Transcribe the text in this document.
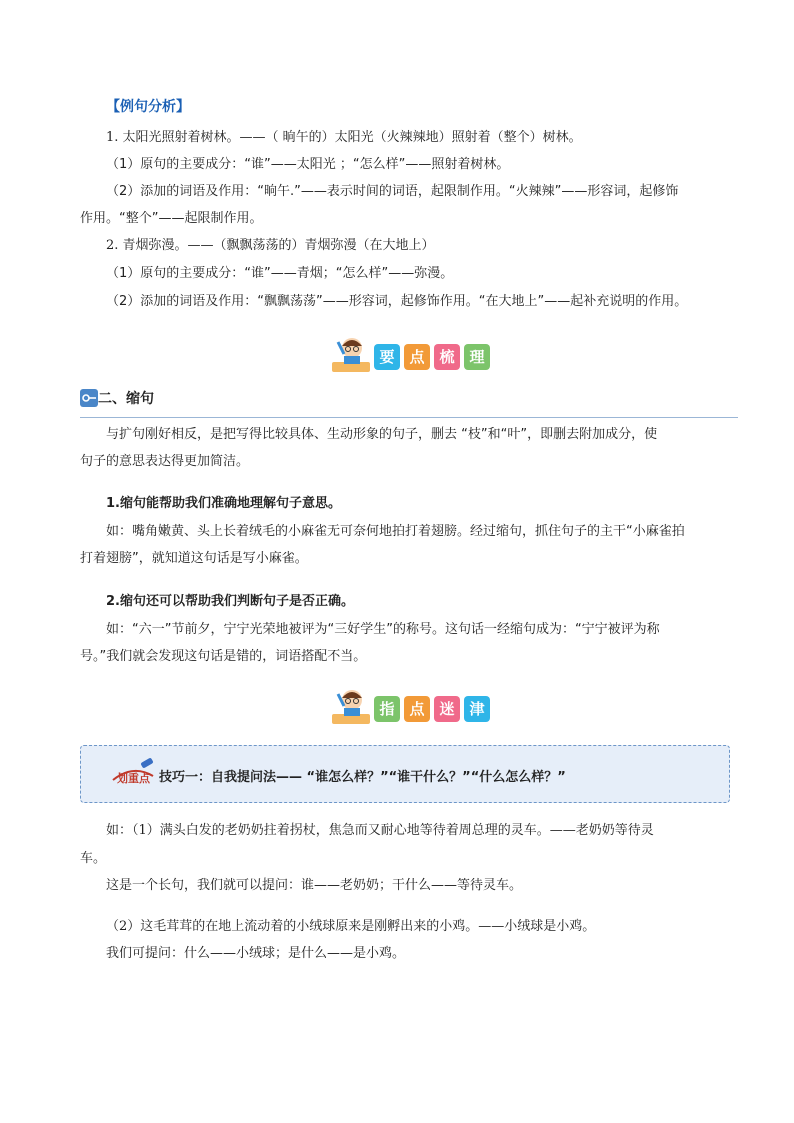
【例句分析】
1. 太阳光照射着树林。——（ 晌午的）太阳光（火辣辣地）照射着（整个）树林。
（1）原句的主要成分：“谁”——太阳光 ；“怎么样”——照射着树林。
（2）添加的词语及作用：“晌午.”——表示时间的词语，起限制作用。“火辣辣”——形容词，起修饰
作用。“整个”——起限制作用。
2. 青烟弥漫。——（飘飘荡荡的）青烟弥漫（在大地上）
（1）原句的主要成分：“谁”——青烟；“怎么样”——弥漫。
（2）添加的词语及作用：“飘飘荡荡”——形容词，起修饰作用。“在大地上”——起补充说明的作用。
要 点 梳 理
二、缩句
与扩句刚好相反，是把写得比较具体、生动形象的句子，删去 “枝”和“叶”，即删去附加成分，使
句子的意思表达得更加简洁。
1.缩句能帮助我们准确地理解句子意思。
如：嘴角嫩黄、头上长着绒毛的小麻雀无可奈何地拍打着翅膀。经过缩句，抓住句子的主干“小麻雀拍
打着翅膀”，就知道这句话是写小麻雀。
2.缩句还可以帮助我们判断句子是否正确。
如：“六一”节前夕，宁宁光荣地被评为“三好学生”的称号。这句话一经缩句成为：“宁宁被评为称
号。”我们就会发现这句话是错的，词语搭配不当。
指 点 迷 津
划重点 技巧一：自我提问法—— “谁怎么样？”“谁干什么？”“什么怎么样？”
如：（1）满头白发的老奶奶拄着拐杖，焦急而又耐心地等待着周总理的灵车。——老奶奶等待灵
车。
这是一个长句，我们就可以提问：谁——老奶奶；干什么——等待灵车。
（2）这毛茸茸的在地上流动着的小绒球原来是刚孵出来的小鸡。——小绒球是小鸡。
我们可提问：什么——小绒球；是什么——是小鸡。
